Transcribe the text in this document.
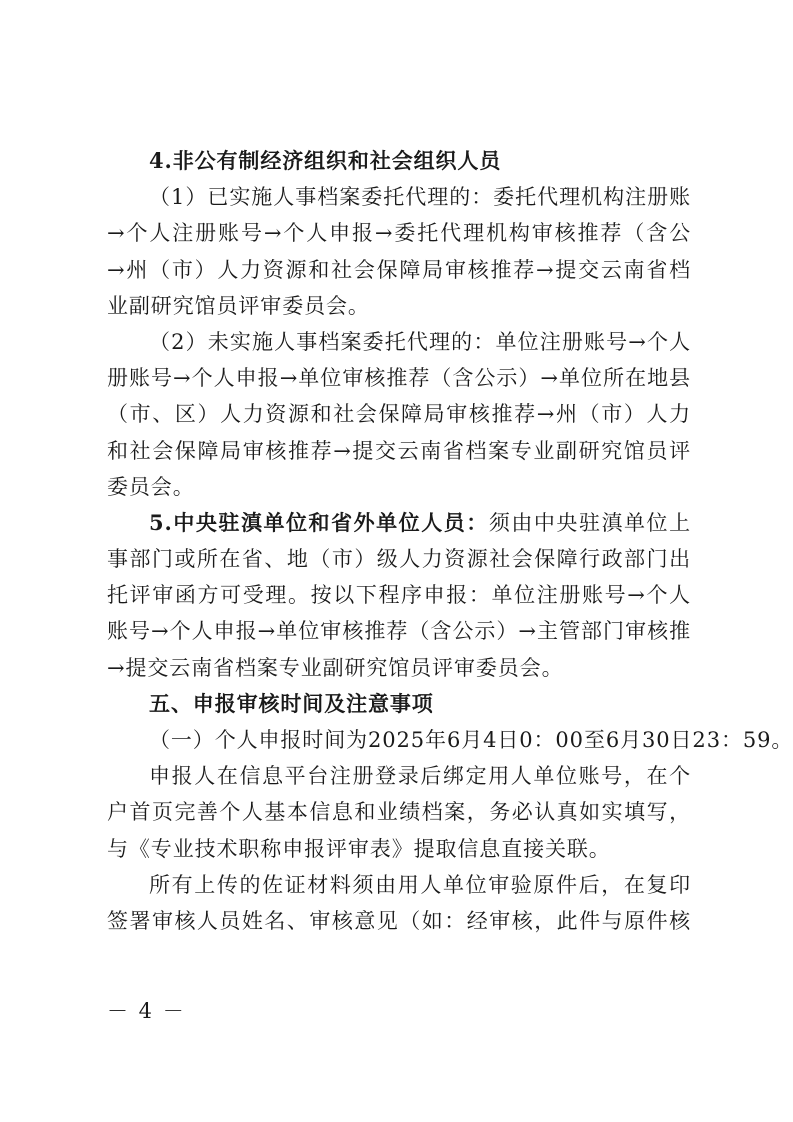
4.非公有制经济组织和社会组织人员
（1）已实施人事档案委托代理的：委托代理机构注册账
→个人注册账号→个人申报→委托代理机构审核推荐（含公
→州（市）人力资源和社会保障局审核推荐→提交云南省档
业副研究馆员评审委员会。
（2）未实施人事档案委托代理的：单位注册账号→个人
册账号→个人申报→单位审核推荐（含公示）→单位所在地县
（市、区）人力资源和社会保障局审核推荐→州（市）人力
和社会保障局审核推荐→提交云南省档案专业副研究馆员评
委员会。
5.中央驻滇单位和省外单位人员：须由中央驻滇单位上
事部门或所在省、地（市）级人力资源社会保障行政部门出
托评审函方可受理。按以下程序申报：单位注册账号→个人
账号→个人申报→单位审核推荐（含公示）→主管部门审核推
→提交云南省档案专业副研究馆员评审委员会。
五、申报审核时间及注意事项
（一）个人申报时间为2025年6月4日0：00至6月30日23：59。
申报人在信息平台注册登录后绑定用人单位账号，在个
户首页完善个人基本信息和业绩档案，务必认真如实填写，
与《专业技术职称申报评审表》提取信息直接关联。
所有上传的佐证材料须由用人单位审验原件后，在复印
签署审核人员姓名、审核意见（如：经审核，此件与原件核
－ 4 －
